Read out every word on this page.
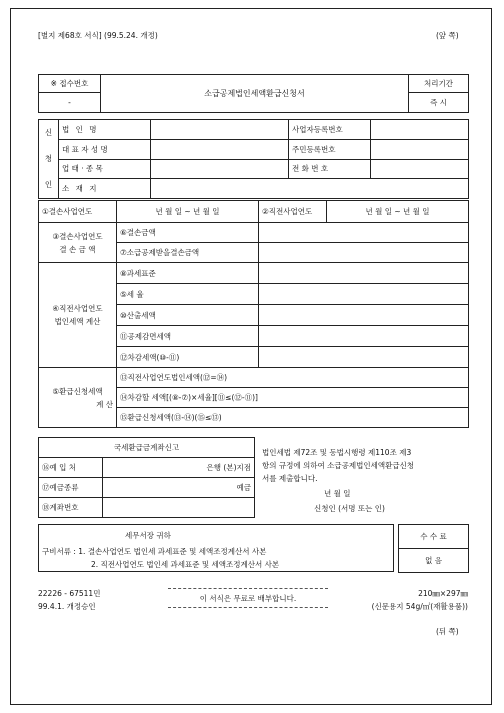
[별지 제68호 서식] (99.5.24. 개정)	(앞 쪽)
※ 접수번호	소급공제법인세액환급신청서	처리기간
-		즉 시
신
청
인	법 인 명		사업자등록번호	
	대 표 자 성 명		주민등록번호	
	업 태 · 종 목		전 화 번 호	
	소 재 지			
①결손사업연도	년 월 일 ~ 년 월 일	②직전사업연도	년 월 일 ~ 년 월 일
③결손사업연도
결 손 금 액	⑥결손금액	
	⑦소급공제받을결손금액	

④직전사업연도
법인세액 계산	⑧과세표준	
	⑤세 율	
	⑩산출세액	
	⑪공제감면세액	
	⑫차감세액(⑩-⑪)	

⑤환급신청세액
계 산	⑬직전사업연도법인세액(⑫=⑭)	
	⑭차감할 세액[(⑧-⑦)×세율][⑪≤(⑫-⑪)]	
	⑮환급신청세액(⑬-⑭)(⑮≤⑬)	
국세환급금계좌신고	
⑯예 입 처	은행 (본)지점
⑰예금종류	예금
⑱계좌번호	
법인세법 제72조 및 동법시행령 제110조 제3
항의 규정에 의하여 소급공제법인세액환급신청
서를 제출합니다.
년 월 일
신청인 (서명 또는 인)
세무서장 귀하
구비서류 : 1. 결손사업연도 법인세 과세표준 및 세액조정계산서 사본
2. 직전사업연도 법인세 과세표준 및 세액조정계산서 사본
수 수 료
없 음
22226 - 67511민
99.4.1. 개정승인
이 서식은 무료로 배부합니다.
210㎜×297㎜
(신문용지 54g/㎡(재활용품))
(뒤 쪽)
